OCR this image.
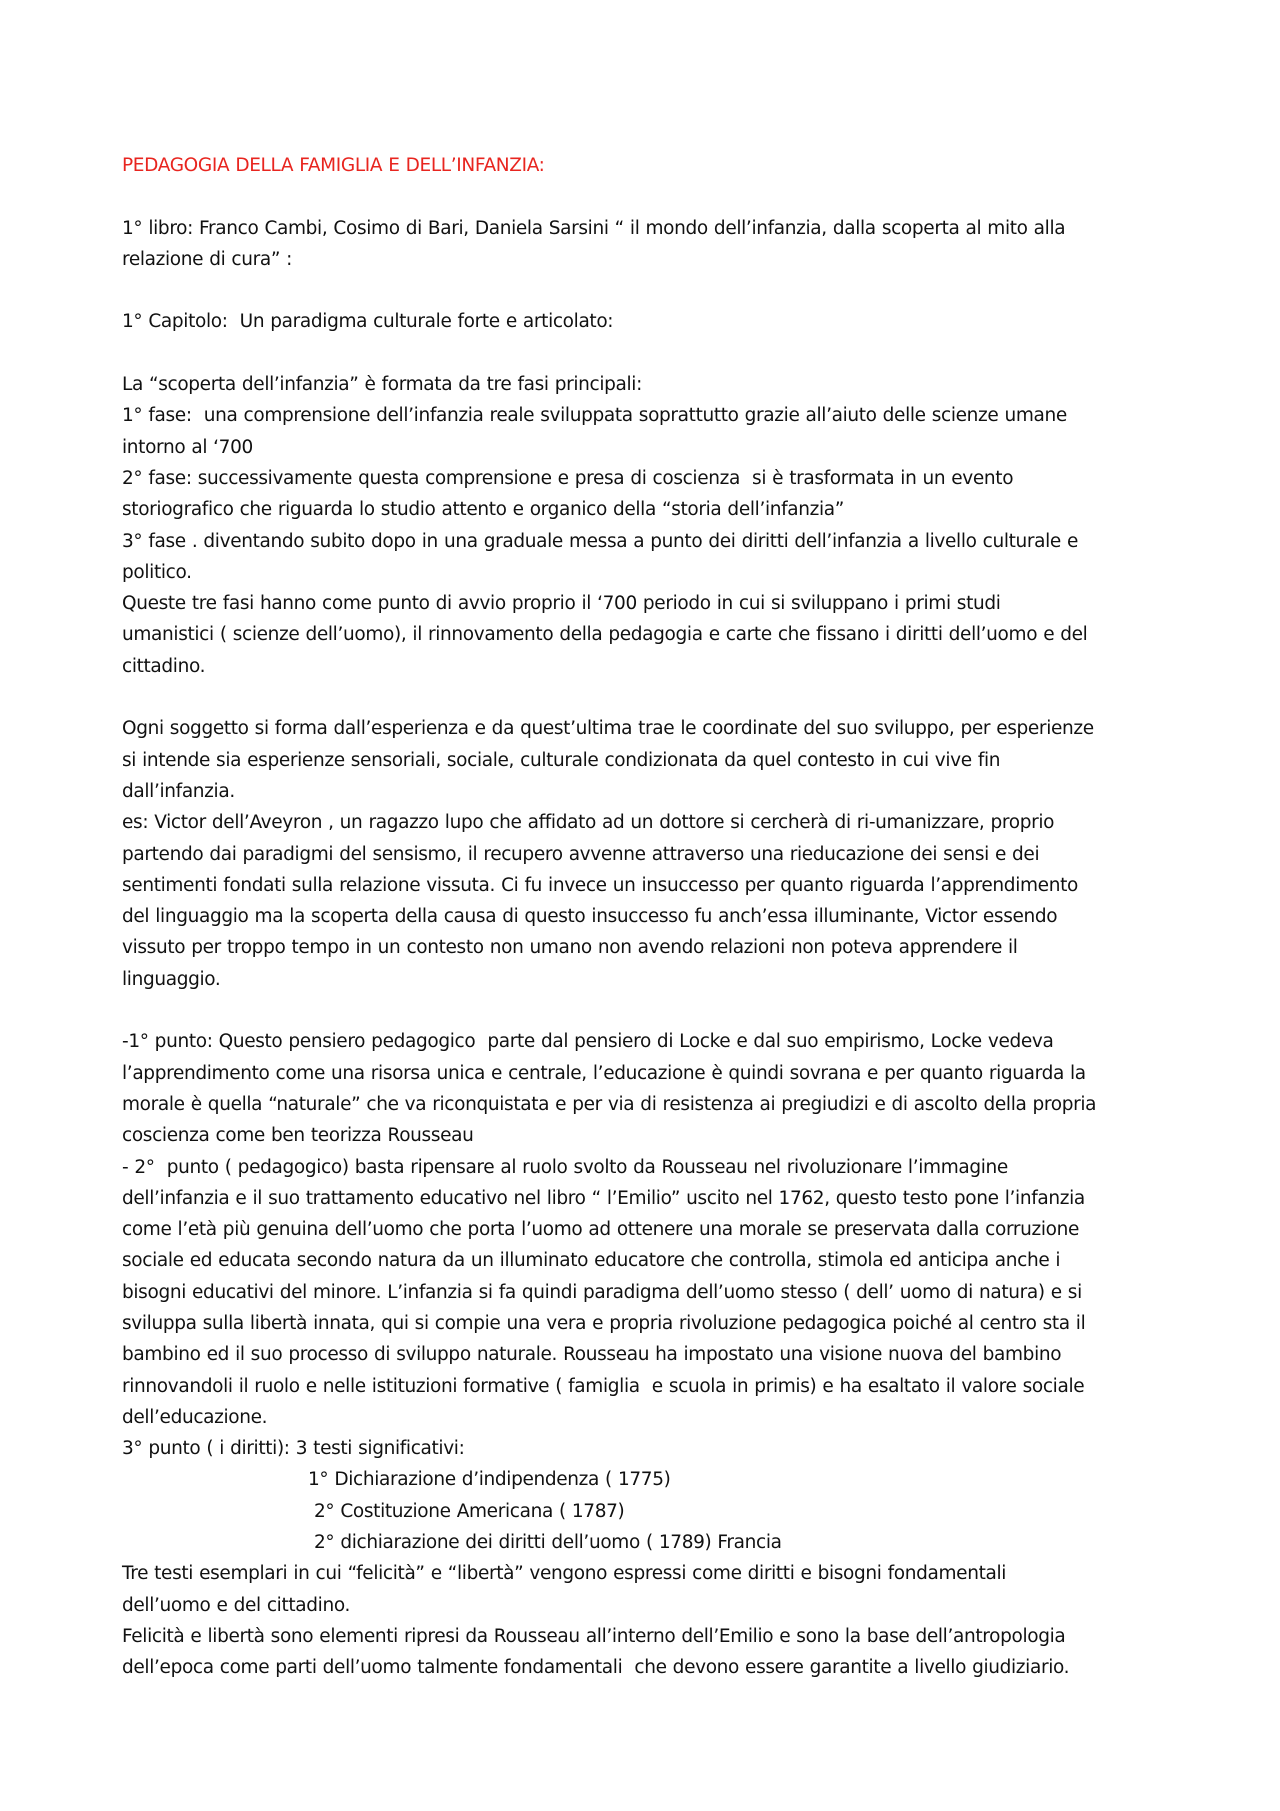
PEDAGOGIA DELLA FAMIGLIA E DELL’INFANZIA:
1° libro: Franco Cambi, Cosimo di Bari, Daniela Sarsini “ il mondo dell’infanzia, dalla scoperta al mito alla
relazione di cura” :
1° Capitolo:  Un paradigma culturale forte e articolato:
La “scoperta dell’infanzia” è formata da tre fasi principali:
1° fase:  una comprensione dell’infanzia reale sviluppata soprattutto grazie all’aiuto delle scienze umane
intorno al ‘700
2° fase: successivamente questa comprensione e presa di coscienza  si è trasformata in un evento
storiografico che riguarda lo studio attento e organico della “storia dell’infanzia”
3° fase . diventando subito dopo in una graduale messa a punto dei diritti dell’infanzia a livello culturale e
politico.
Queste tre fasi hanno come punto di avvio proprio il ‘700 periodo in cui si sviluppano i primi studi
umanistici ( scienze dell’uomo), il rinnovamento della pedagogia e carte che fissano i diritti dell’uomo e del
cittadino.
Ogni soggetto si forma dall’esperienza e da quest’ultima trae le coordinate del suo sviluppo, per esperienze
si intende sia esperienze sensoriali, sociale, culturale condizionata da quel contesto in cui vive fin
dall’infanzia.
es: Victor dell’Aveyron , un ragazzo lupo che affidato ad un dottore si cercherà di ri-umanizzare, proprio
partendo dai paradigmi del sensismo, il recupero avvenne attraverso una rieducazione dei sensi e dei
sentimenti fondati sulla relazione vissuta. Ci fu invece un insuccesso per quanto riguarda l’apprendimento
del linguaggio ma la scoperta della causa di questo insuccesso fu anch’essa illuminante, Victor essendo
vissuto per troppo tempo in un contesto non umano non avendo relazioni non poteva apprendere il
linguaggio.
-1° punto: Questo pensiero pedagogico  parte dal pensiero di Locke e dal suo empirismo, Locke vedeva
l’apprendimento come una risorsa unica e centrale, l’educazione è quindi sovrana e per quanto riguarda la
morale è quella “naturale” che va riconquistata e per via di resistenza ai pregiudizi e di ascolto della propria
coscienza come ben teorizza Rousseau
- 2°  punto ( pedagogico) basta ripensare al ruolo svolto da Rousseau nel rivoluzionare l’immagine
dell’infanzia e il suo trattamento educativo nel libro “ l’Emilio” uscito nel 1762, questo testo pone l’infanzia
come l’età più genuina dell’uomo che porta l’uomo ad ottenere una morale se preservata dalla corruzione
sociale ed educata secondo natura da un illuminato educatore che controlla, stimola ed anticipa anche i
bisogni educativi del minore. L’infanzia si fa quindi paradigma dell’uomo stesso ( dell’ uomo di natura) e si
sviluppa sulla libertà innata, qui si compie una vera e propria rivoluzione pedagogica poiché al centro sta il
bambino ed il suo processo di sviluppo naturale. Rousseau ha impostato una visione nuova del bambino
rinnovandoli il ruolo e nelle istituzioni formative ( famiglia  e scuola in primis) e ha esaltato il valore sociale
dell’educazione.
3° punto ( i diritti): 3 testi significativi:
1° Dichiarazione d’indipendenza ( 1775)
2° Costituzione Americana ( 1787)
2° dichiarazione dei diritti dell’uomo ( 1789) Francia
Tre testi esemplari in cui “felicità” e “libertà” vengono espressi come diritti e bisogni fondamentali
dell’uomo e del cittadino.
Felicità e libertà sono elementi ripresi da Rousseau all’interno dell’Emilio e sono la base dell’antropologia
dell’epoca come parti dell’uomo talmente fondamentali  che devono essere garantite a livello giudiziario.
